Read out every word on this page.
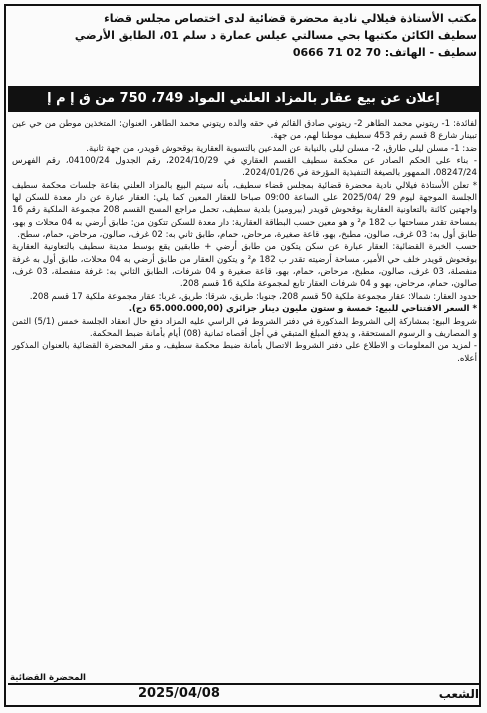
مكتب الأستاذة فيلالي نادية محضرة قضائية لدى اختصاص مجلس قضاء
سطيف الكائن مكتبها بحي مسالتي عيلس عمارة د سلم 01، الطابق الأرضي
سطيف - الهاتف: 0666 71 02 70
إعلان عن بيع عقار بالمزاد العلني المواد 749، 750 من ق إ م إ

لفائدة: 1- ريتوني محمد الطاهر 2- ريتوني صادق القائم في حقه والده ريتوني محمد الطاهر، العنوان: المتخذين موطن من حي عين تبينار شارع 8 قسم رقم 453 سطيف موطنا لهم، من جهة.

ضد: 1- مسلن ليلى طارق، 2- مسلن ليلى بالنيابة عن المدعين بالتسوية العقارية بوقحوش قويدر، من جهة ثانية.

- بناء على الحكم الصادر عن محكمة سطيف القسم العقاري في 2024/10/29، رقم الجدول 04100/24، رقم الفهرس 08247/24، الممهور بالصيغة التنفيذية المؤرخة في 2024/01/26.

* تعلن الأستاذة فيلالي نادية محضرة قضائية بمجلس قضاء سطيف، بأنه سيتم البيع بالمزاد العلني بقاعة جلسات محكمة سطيف الجلسة الموجهة ليوم 29 /2025/04 على الساعة 09:00 صباحا للعقار المعين كما يلي: العقار عبارة عن دار معدة للسكن لها واجهتين كائنة بالتعاونية العقارية بوقحوش قويدر (بيروميز) بلدية سطيف، تحمل مراجع المسح القسم 208 مجموعة الملكية رقم 16 بمساحة تقدر مساحتها ب 182 م² و هو معين حسب البطاقة العقارية: دار معدة للسكن تتكون من: طابق أرضي به 04 محلات و بهو، طابق أول به: 03 غرف، صالون، مطبخ، بهو، قاعة صغيرة، مرحاض، حمام، طابق ثاني به: 02 غرف، صالون، مرحاض، حمام، سطح.

حسب الخبرة القضائية: العقار عبارة عن سكن يتكون من طابق أرضي + طابقين يقع بوسط مدينة سطيف بالتعاونية العقارية بوقحوش قويدر خلف حي الأمير، مساحة أرضيته تقدر ب 182 م² و يتكون العقار من طابق أرضي به 04 محلات، طابق أول به غرفة منفصلة، 03 غرف، صالون، مطبخ، مرحاض، حمام، بهو، قاعة صغيرة و 04 شرفات، الطابق الثاني به: غرفة منفصلة، 03 غرف، صالون، حمام، مرحاض، بهو و 04 شرفات العقار تابع لمجموعة ملكية 16 قسم 208.

حدود العقار: شمالا: عقار مجموعة ملكية 50 قسم 208، جنوبا: طريق، شرقا: طريق، غربا: عقار مجموعة ملكية 17 قسم 208.

* السعر الافتتاحي للبيع: خمسة و ستون مليون دينار جزائري (65.000.000,00 دج).

شروط البيع: بمشاركة إلى الشروط المذكورة في دفتر الشروط في الراسي عليه المزاد دفع حال انعقاد الجلسة خمس (5/1) الثمن و المصاريف و الرسوم المستحقة، و يدفع المبلغ المتبقي في أجل أقصاه ثمانية (08) أيام بأمانة ضبط المحكمة.

- لمزيد من المعلومات و الاطلاع على دفتر الشروط الاتصال بأمانة ضبط محكمة سطيف، و مقر المحضرة القضائية بالعنوان المذكور أعلاه.

المحضرة القضائية
الشعب
2025/04/08
